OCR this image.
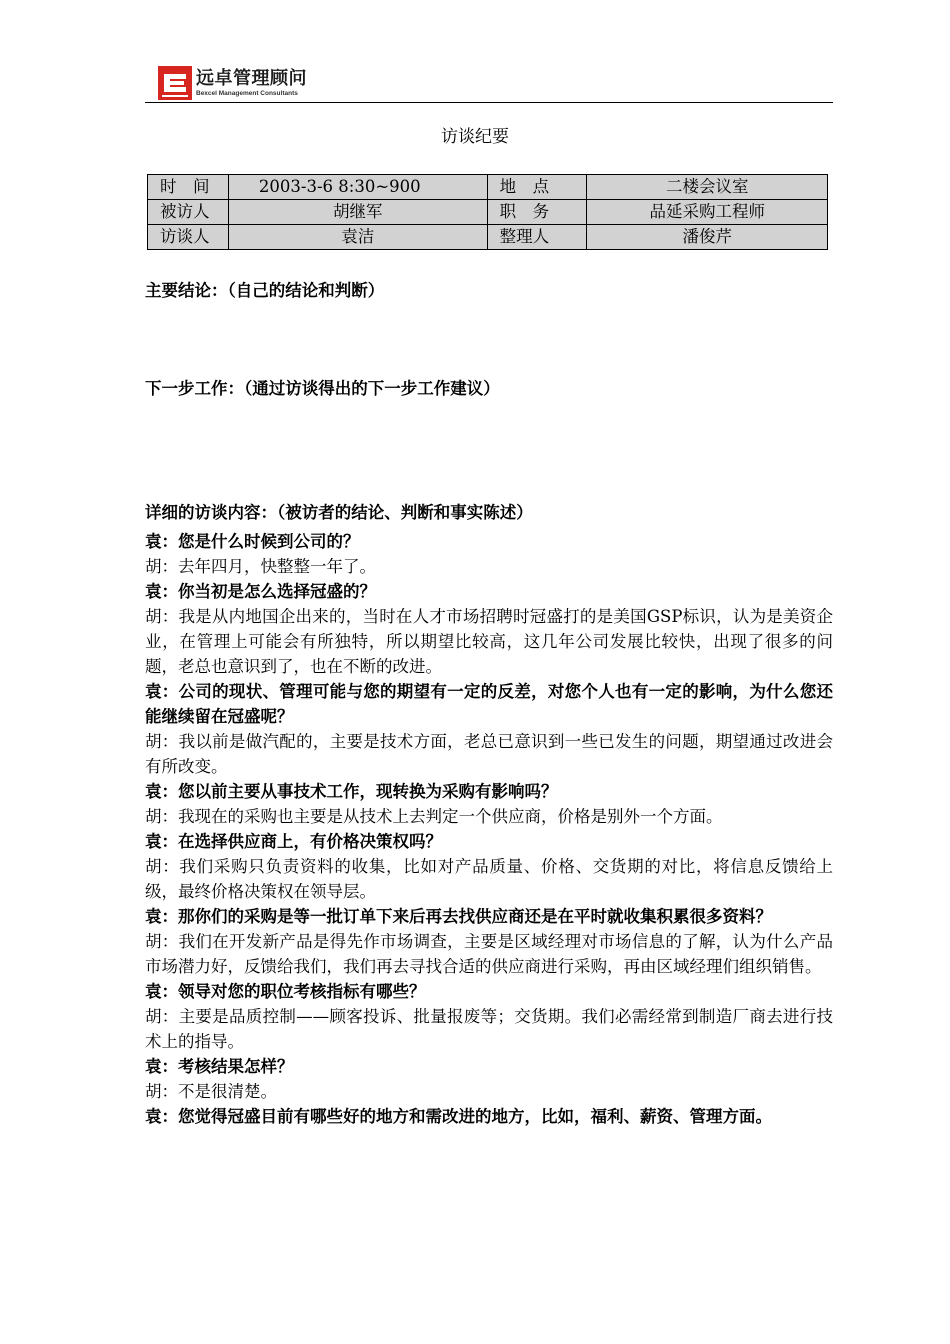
远卓管理顾问
Bexcel Management Consultants
访谈纪要
时　间	2003-3-6 8:30~900	地　点	二楼会议室
被访人	胡继军	职　务	品延采购工程师
访谈人	袁洁	整理人	潘俊芹
主要结论：（自己的结论和判断）
下一步工作：（通过访谈得出的下一步工作建议）
详细的访谈内容：（被访者的结论、判断和事实陈述）

袁：您是什么时候到公司的？

胡：去年四月，快整整一年了。

袁：你当初是怎么选择冠盛的？

胡：我是从内地国企出来的，当时在人才市场招聘时冠盛打的是美国GSP标识，认为是美资企业，在管理上可能会有所独特，所以期望比较高，这几年公司发展比较快，出现了很多的问题，老总也意识到了，也在不断的改进。

袁：公司的现状、管理可能与您的期望有一定的反差，对您个人也有一定的影响，为什么您还能继续留在冠盛呢？

胡：我以前是做汽配的，主要是技术方面，老总已意识到一些已发生的问题，期望通过改进会有所改变。

袁：您以前主要从事技术工作，现转换为采购有影响吗？

胡：我现在的采购也主要是从技术上去判定一个供应商，价格是别外一个方面。

袁：在选择供应商上，有价格决策权吗？

胡：我们采购只负责资料的收集，比如对产品质量、价格、交货期的对比，将信息反馈给上级，最终价格决策权在领导层。

袁：那你们的采购是等一批订单下来后再去找供应商还是在平时就收集积累很多资料？

胡：我们在开发新产品是得先作市场调查，主要是区域经理对市场信息的了解，认为什么产品市场潜力好，反馈给我们，我们再去寻找合适的供应商进行采购，再由区域经理们组织销售。

袁：领导对您的职位考核指标有哪些？

胡：主要是品质控制——顾客投诉、批量报废等；交货期。我们必需经常到制造厂商去进行技术上的指导。

袁：考核结果怎样？

胡：不是很清楚。

袁：您觉得冠盛目前有哪些好的地方和需改进的地方，比如，福利、薪资、管理方面。
